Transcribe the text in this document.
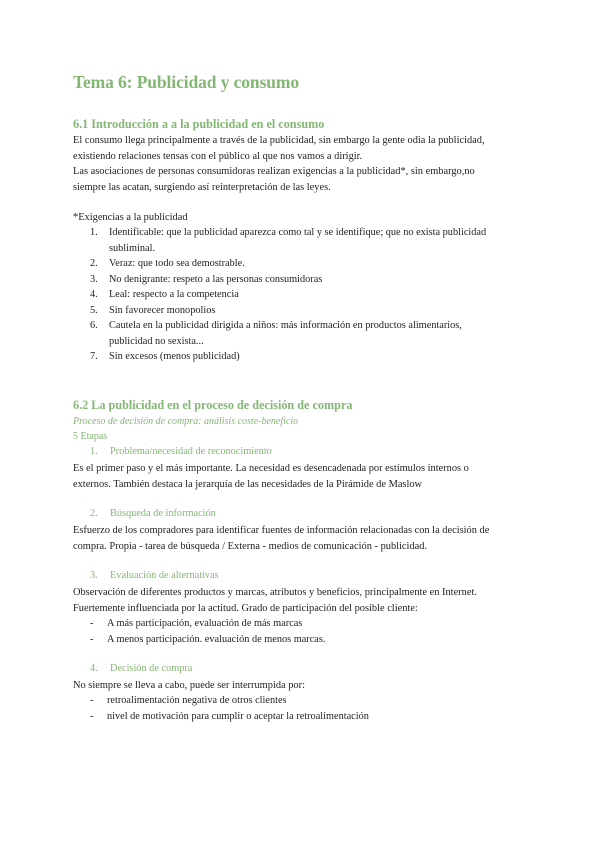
Tema 6: Publicidad y consumo
6.1 Introducción a a la publicidad en el consumo
El consumo llega principalmente a través de la publicidad, sin embargo la gente odia la publicidad,
existiendo relaciones tensas con el público al que nos vamos a dirigir.
Las asociaciones de personas consumidoras realizan exigencias a la publicidad*, sin embargo,no
siempre las acatan, surgiendo así reinterpretación de las leyes.
*Exigencias a la publicidad
1. Identificable: que la publicidad aparezca como tal y se identifique; que no exista publicidad
subliminal.
2. Veraz: que todo sea demostrable.
3. No denigrante: respeto a las personas consumidoras
4. Leal: respecto a la competencia
5. Sin favorecer monopolios
6. Cautela en la publicidad dirigida a niños: más información en productos alimentarios,
publicidad no sexista...
7. Sin excesos (menos publicidad)
6.2 La publicidad en el proceso de decisión de compra
Proceso de decisión de compra: análisis coste-beneficio
5 Etapas
1. Problema/necesidad de reconocimiento
Es el primer paso y el más importante. La necesidad es desencadenada por estímulos internos o
externos. También destaca la jerarquía de las necesidades de la Pirámide de Maslow
2. Búsqueda de información
Esfuerzo de los compradores para identificar fuentes de información relacionadas con la decisión de
compra. Propia - tarea de búsqueda / Externa - medios de comunicación - publicidad.
3. Evaluación de alternativas
Observación de diferentes productos y marcas, atributos y beneficios, principalmente en Internet.
Fuertemente influenciada por la actitud. Grado de participación del posible cliente:
- A más participación, evaluación de más marcas
- A menos participación. evaluación de menos marcas.
4. Decisión de compra
No siempre se lleva a cabo, puede ser interrumpida por:
- retroalimentación negativa de otros clientes
- nivel de motivación para cumplir o aceptar la retroalimentación
